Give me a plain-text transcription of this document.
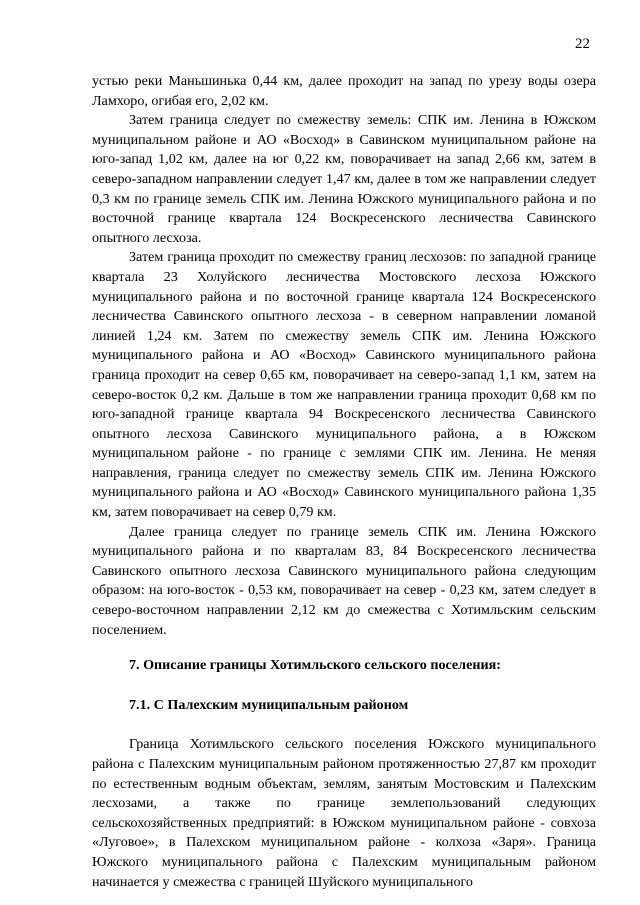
22

устью реки Маньшинька 0,44 км, далее проходит на запад по урезу воды озера Ламхоро, огибая его, 2,02 км.

Затем граница следует по смежеству земель: СПК им. Ленина в Южском муниципальном районе и АО «Восход» в Савинском муниципальном районе на юго-запад 1,02 км, далее на юг 0,22 км, поворачивает на запад 2,66 км, затем в северо-западном направлении следует 1,47 км, далее в том же направлении следует 0,3 км по границе земель СПК им. Ленина Южского муниципального района и по восточной границе квартала 124 Воскресенского лесничества Савинского опытного лесхоза.

Затем граница проходит по смежеству границ лесхозов: по западной границе квартала 23 Холуйского лесничества Мостовского лесхоза Южского муниципального района и по восточной границе квартала 124 Воскресенского лесничества Савинского опытного лесхоза - в северном направлении ломаной линией 1,24 км. Затем по смежеству земель СПК им. Ленина Южского муниципального района и АО «Восход» Савинского муниципального района граница проходит на север 0,65 км, поворачивает на северо-запад 1,1 км, затем на северо-восток 0,2 км. Дальше в том же направлении граница проходит 0,68 км по юго-западной границе квартала 94 Воскресенского лесничества Савинского опытного лесхоза Савинского муниципального района, а в Южском муниципальном районе - по границе с землями СПК им. Ленина. Не меняя направления, граница следует по смежеству земель СПК им. Ленина Южского муниципального района и АО «Восход» Савинского муниципального района 1,35 км, затем поворачивает на север 0,79 км.

Далее граница следует по границе земель СПК им. Ленина Южского муниципального района и по кварталам 83, 84 Воскресенского лесничества Савинского опытного лесхоза Савинского муниципального района следующим образом: на юго-восток - 0,53 км, поворачивает на север - 0,23 км, затем следует в северо-восточном направлении 2,12 км до смежества с Хотимльским сельским поселением.

7. Описание границы Хотимльского сельского поселения:
7.1. С Палехским муниципальным районом

Граница Хотимльского сельского поселения Южского муниципального района с Палехским муниципальным районом протяженностью 27,87 км проходит по естественным водным объектам, землям, занятым Мостовским и Палехским лесхозами, а также по границе землепользований следующих сельскохозяйственных предприятий: в Южском муниципальном районе - совхоза «Луговое», в Палехском муниципальном районе - колхоза «Заря». Граница Южского муниципального района с Палехским муниципальным районом начинается у смежества с границей Шуйского муниципального
